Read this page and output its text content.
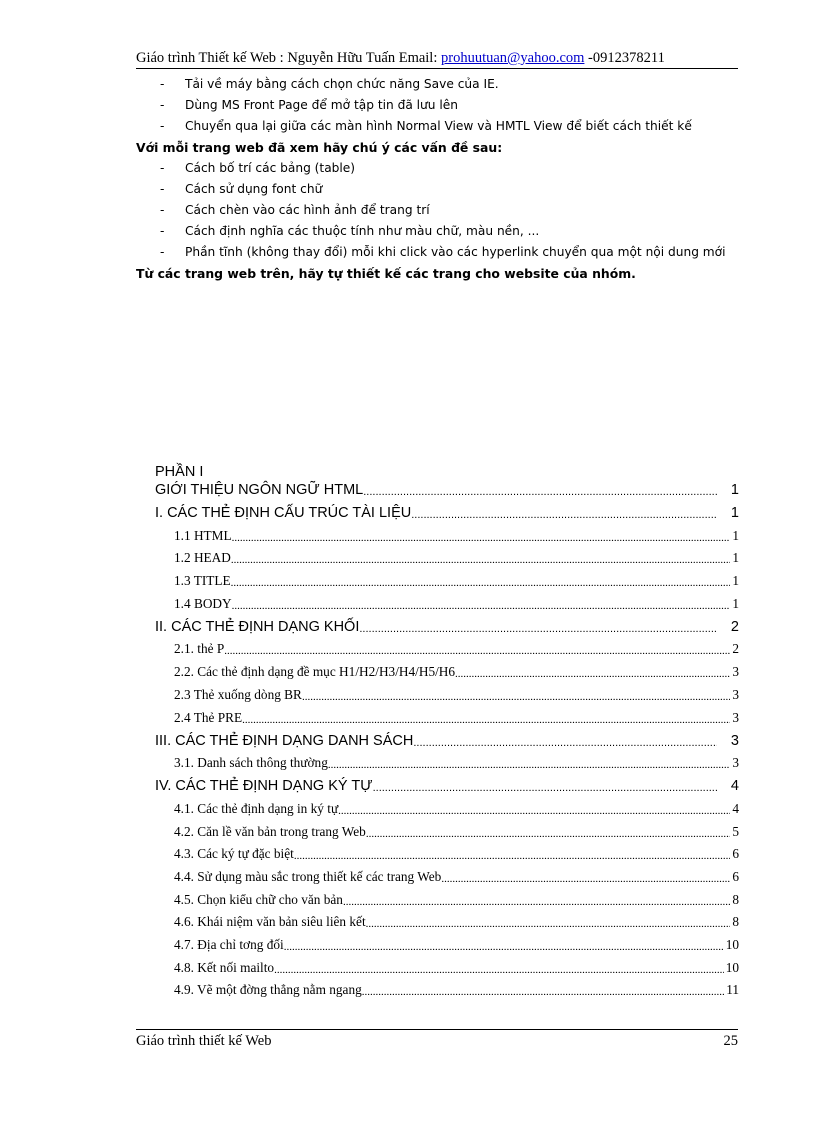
Giáo trình Thiết kế Web : Nguyễn Hữu Tuấn Email: prohuutuan@yahoo.com -0912378211
- Tải về máy bằng cách chọn chức năng Save của IE.
- Dùng MS Front Page để mở tập tin đã lưu lên
- Chuyển qua lại giữa các màn hình Normal View và HMTL View để biết cách thiết kế
Với mỗi trang web đã xem hãy chú ý các vấn đề sau:
- Cách bố trí các bảng (table)
- Cách sử dụng font chữ
- Cách chèn vào các hình ảnh để trang trí
- Cách định nghĩa các thuộc tính như màu chữ, màu nền, ...
- Phần tĩnh (không thay đổi) mỗi khi click vào các hyperlink chuyển qua một nội dung mới
Từ các trang web trên, hãy tự thiết kế các trang cho website của nhóm.
PHẦN I
GIỚI THIỆU NGÔN NGỮ HTML .....	1
I. CÁC THẺ ĐỊNH CẤU TRÚC TÀI LIỆU .....	1
1.1 HTML .....	1
1.2 HEAD .....	1
1.3 TITLE .....	1
1.4 BODY .....	1
II. CÁC THẺ ĐỊNH DẠNG KHỐI .....	2
2.1. thẻ P .....	2
2.2. Các thẻ định dạng đề mục H1/H2/H3/H4/H5/H6 .....	3
2.3 Thẻ xuống dòng BR .....	3
2.4 Thẻ PRE .....	3
III. CÁC THẺ ĐỊNH DẠNG DANH SÁCH .....	3
3.1. Danh sách thông thường .....	3
IV. CÁC THẺ ĐỊNH DẠNG KÝ TỰ .....	4
4.1. Các thẻ định dạng in ký tự .....	4
4.2. Căn lề văn bản trong trang Web .....	5
4.3. Các ký tự đặc biệt .....	6
4.4. Sử dụng màu sắc trong thiết kế các trang Web .....	6
4.5. Chọn kiểu chữ cho văn bản .....	8
4.6. Khái niệm văn bản siêu liên kết .....	8
4.7. Địa chỉ tơng đối .....	10
4.8. Kết nối mailto .....	10
4.9. Vẽ một đờng thẳng nằm ngang .....	11
Giáo trình thiết kế Web	25
